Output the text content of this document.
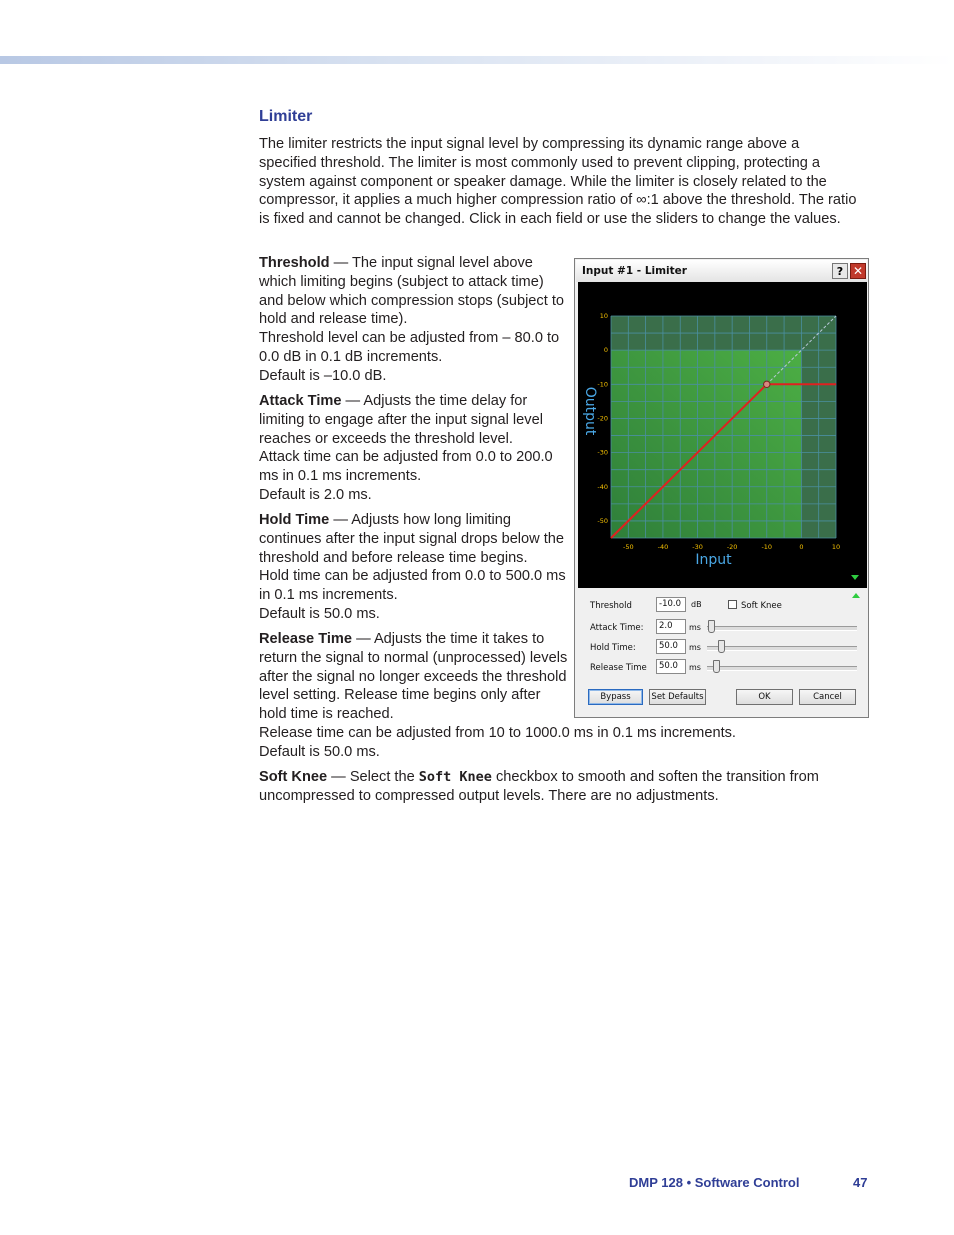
Limiter

The limiter restricts the input signal level by compressing its dynamic range above a specified threshold. The limiter is most commonly used to prevent clipping, protecting a system against component or speaker damage. While the limiter is closely related to the compressor, it applies a much higher compression ratio of ∞:1 above the threshold. The ratio is fixed and cannot be changed. Click in each field or use the sliders to change the values.

Threshold — The input signal level above which limiting begins (subject to attack time) and below which compression stops (subject to hold and release time).
Threshold level can be adjusted from – 80.0 to 0.0 dB in 0.1 dB increments.
Default is –10.0 dB.

Attack Time — Adjusts the time delay for limiting to engage after the input signal level reaches or exceeds the threshold level.
Attack time can be adjusted from 0.0 to 200.0 ms in 0.1 ms increments.
Default is 2.0 ms.

Hold Time — Adjusts how long limiting continues after the input signal drops below the threshold and before release time begins.
Hold time can be adjusted from 0.0 to 500.0 ms in 0.1 ms increments.
Default is 50.0 ms.

Release Time — Adjusts the time it takes to return the signal to normal (unprocessed) levels after the signal no longer exceeds the threshold level setting. Release time begins only after hold time is reached.

Release time can be adjusted from 10 to 1000.0 ms in 0.1 ms increments.
Default is 50.0 ms.

Soft Knee — Select the Soft Knee checkbox to smooth and soften the transition from uncompressed to compressed output levels. There are no adjustments.

Input #1 - Limiter	? ✕
-50	-40	-30	-20	-10	0	10
10
0
-10
-20
-30
-40
-50
Input
Output
Threshold	-10.0	dB	Soft Knee
Attack Time:	2.0	ms
Hold Time:	50.0	ms
Release Time	50.0	ms
Bypass	Set Defaults	OK	Cancel
DMP 128 • Software Control	47
